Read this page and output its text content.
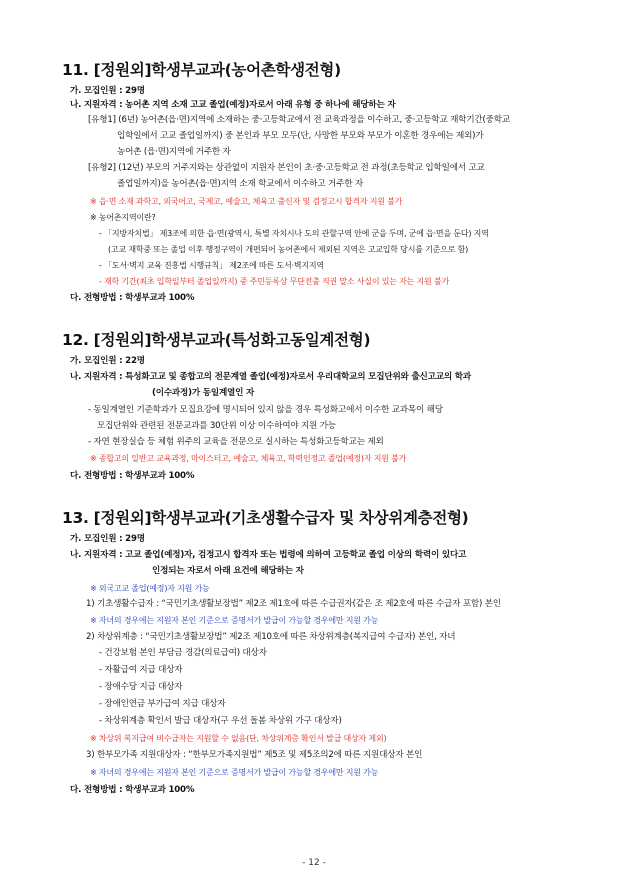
11. [정원외]학생부교과(농어촌학생전형)
가. 모집인원 : 29명
나. 지원자격 : 농어촌 지역 소재 고교 졸업(예정)자로서 아래 유형 중 하나에 해당하는 자
[유형1] (6년) 농어촌(읍·면)지역에 소재하는 중·고등학교에서 전 교육과정을 이수하고, 중·고등학교 재학기간(중학교
입학일에서 고교 졸업일까지) 중 본인과 부모 모두(단, 사망한 부모와 부모가 이혼한 경우에는 제외)가
농어촌 (읍·면)지역에 거주한 자
[유형2] (12년) 부모의 거주지와는 상관없이 지원자 본인이 초·중·고등학교 전 과정(초등학교 입학일에서 고교
졸업일까지)을 농어촌(읍·면)지역 소재 학교에서 이수하고 거주한 자
※ 읍·면 소재 과학고, 외국어고, 국제고, 예술고, 체육고 출신자 및 검정고시 합격자 지원 불가
※ 농어촌지역이란?
- 「지방자치법」 제3조에 의한 읍·면(광역시, 특별 자치시나 도의 관할구역 안에 군을 두며, 군에 읍·면을 둔다) 지역
(고교 재학중 또는 졸업 이후 행정구역이 개편되어 농어촌에서 제외된 지역은 고교입학 당시를 기준으로 함)
- 「도서·벽지 교육 진흥법 시행규칙」 제2조에 따른 도서·벽지지역
- 재학 기간(최초 입학일부터 졸업일까지) 중 주민등록상 무단전출 직권 말소 사실이 있는 자는 지원 불가
다. 전형방법 : 학생부교과 100%
12. [정원외]학생부교과(특성화고동일계전형)
가. 모집인원 : 22명
나. 지원자격 : 특성화고교 및 종합고의 전문계열 졸업(예정)자로서 우리대학교의 모집단위와 출신고교의 학과
(이수과정)가 동일계열인 자
- 동일계열인 기준학과가 모집요강에 명시되어 있지 않을 경우 특성화고에서 이수한 교과목이 해당
모집단위와 관련된 전문교과를 30단위 이상 이수하여야 지원 가능
- 자연 현장실습 등 체험 위주의 교육을 전문으로 실시하는 특성화고등학교는 제외
※ 종합고의 일반고 교육과정, 마이스터고, 예술고, 체육고, 학력인정고 졸업(예정)자 지원 불가
다. 전형방법 : 학생부교과 100%
13. [정원외]학생부교과(기초생활수급자 및 차상위계층전형)
가. 모집인원 : 29명
나. 지원자격 : 고교 졸업(예정)자, 검정고시 합격자 또는 법령에 의하여 고등학교 졸업 이상의 학력이 있다고
인정되는 자로서 아래 요건에 해당하는 자
※ 외국고교 졸업(예정)자 지원 가능
1) 기초생활수급자 : “국민기초생활보장법” 제2조 제1호에 따른 수급권자(같은 조 제2호에 따른 수급자 포함) 본인
※ 자녀의 경우에는 지원자 본인 기준으로 증명서가 발급이 가능할 경우에만 지원 가능
2) 차상위계층 : “국민기초생활보장법” 제2조 제10호에 따른 차상위계층(복지급여 수급자) 본인, 자녀
- 건강보험 본인 부담금 경감(의료급여) 대상자
- 자활급여 지급 대상자
- 장애수당 지급 대상자
- 장애인연금 부가급여 지급 대상자
- 차상위계층 확인서 발급 대상자(구 우선 돌봄 차상위 가구 대상자)
※ 차상위 복지급여 비수급자는 지원할 수 없음(단, 차상위계층 확인서 발급 대상자 제외)
3) 한부모가족 지원대상자 : “한부모가족지원법” 제5조 및 제5조의2에 따른 지원대상자 본인
※ 자녀의 경우에는 지원자 본인 기준으로 증명서가 발급이 가능할 경우에만 지원 가능
다. 전형방법 : 학생부교과 100%
- 12 -
